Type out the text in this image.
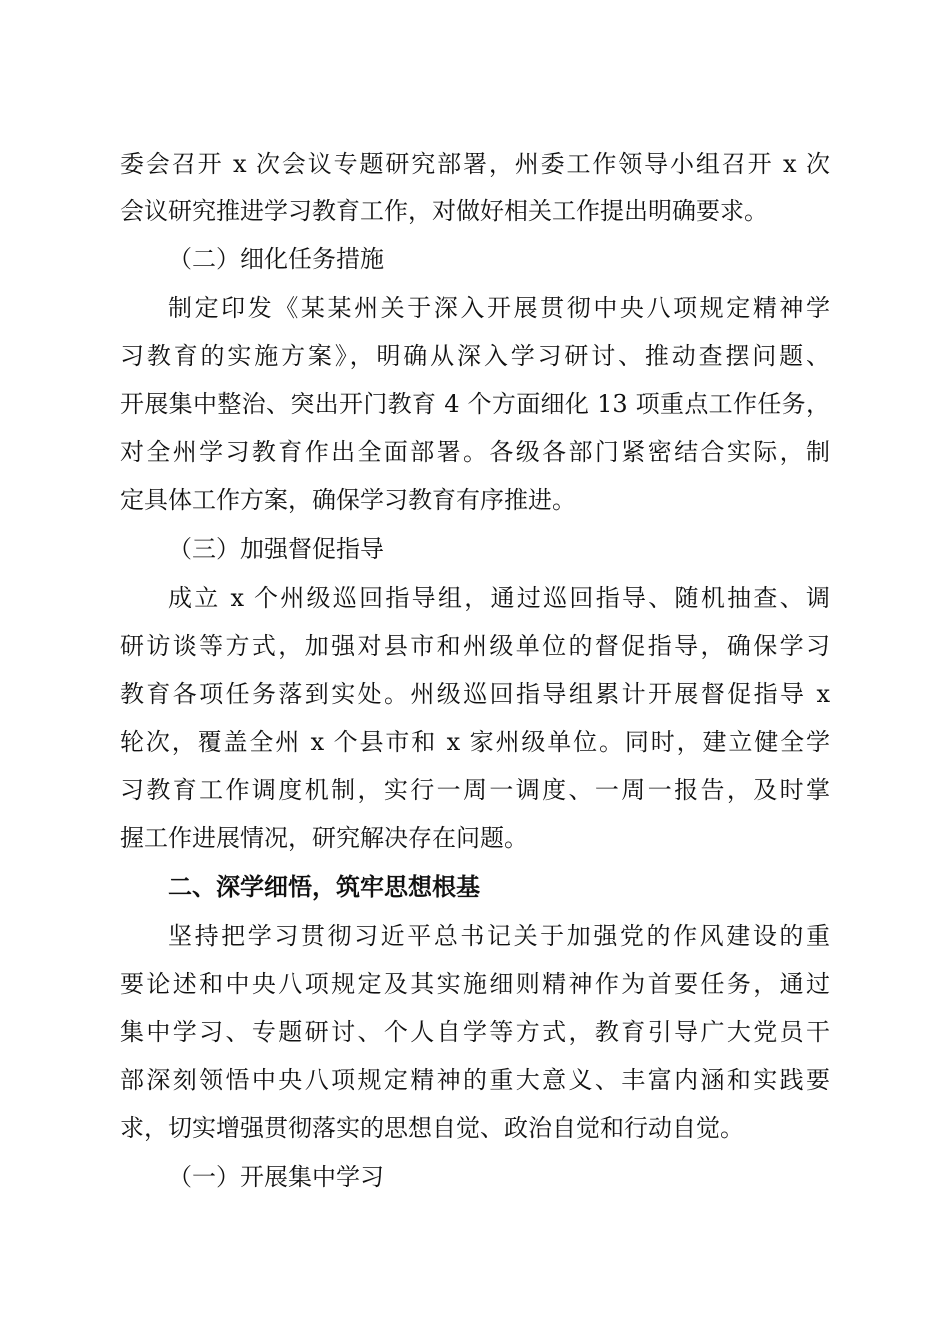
委会召开 x 次会议专题研究部署，州委工作领导小组召开 x 次
会议研究推进学习教育工作，对做好相关工作提出明确要求。
（二）细化任务措施
制定印发《某某州关于深入开展贯彻中央八项规定精神学
习教育的实施方案》，明确从深入学习研讨、推动查摆问题、
开展集中整治、突出开门教育 4 个方面细化 13 项重点工作任务，
对全州学习教育作出全面部署。各级各部门紧密结合实际，制
定具体工作方案，确保学习教育有序推进。
（三）加强督促指导
成立 x 个州级巡回指导组，通过巡回指导、随机抽查、调
研访谈等方式，加强对县市和州级单位的督促指导，确保学习
教育各项任务落到实处。州级巡回指导组累计开展督促指导 x
轮次，覆盖全州 x 个县市和 x 家州级单位。同时，建立健全学
习教育工作调度机制，实行一周一调度、一周一报告，及时掌
握工作进展情况，研究解决存在问题。
二、深学细悟，筑牢思想根基
坚持把学习贯彻习近平总书记关于加强党的作风建设的重
要论述和中央八项规定及其实施细则精神作为首要任务，通过
集中学习、专题研讨、个人自学等方式，教育引导广大党员干
部深刻领悟中央八项规定精神的重大意义、丰富内涵和实践要
求，切实增强贯彻落实的思想自觉、政治自觉和行动自觉。
（一）开展集中学习
